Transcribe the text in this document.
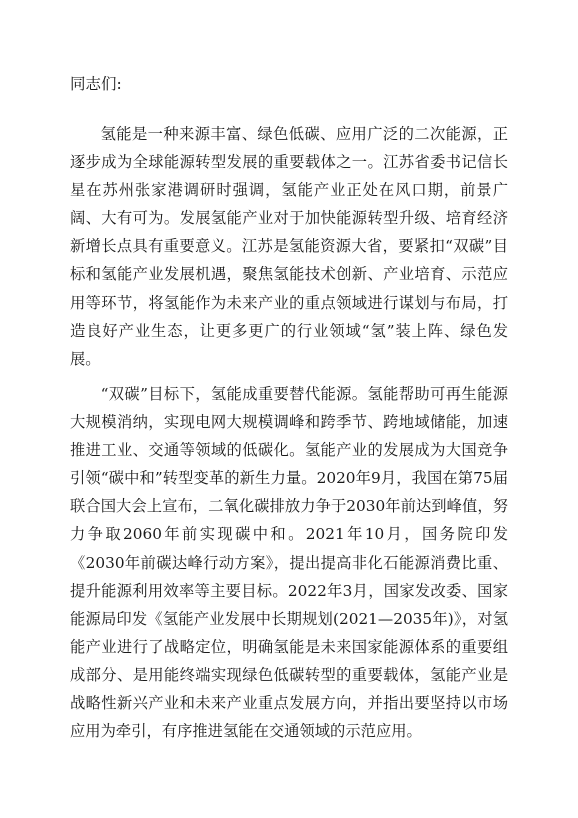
同志们:

氢能是一种来源丰富、绿色低碳、应用广泛的二次能源，正逐步成为全球能源转型发展的重要载体之一。江苏省委书记信长星在苏州张家港调研时强调，氢能产业正处在风口期，前景广阔、大有可为。发展氢能产业对于加快能源转型升级、培育经济新增长点具有重要意义。江苏是氢能资源大省，要紧扣“双碳”目标和氢能产业发展机遇，聚焦氢能技术创新、产业培育、示范应用等环节，将氢能作为未来产业的重点领域进行谋划与布局，打造良好产业生态，让更多更广的行业领域“氢”装上阵、绿色发展。

“双碳”目标下，氢能成重要替代能源。氢能帮助可再生能源大规模消纳，实现电网大规模调峰和跨季节、跨地域储能，加速推进工业、交通等领域的低碳化。氢能产业的发展成为大国竞争引领“碳中和”转型变革的新生力量。2020年9月，我国在第75届联合国大会上宣布，二氧化碳排放力争于2030年前达到峰值，努力争取2060年前实现碳中和。2021年10月，国务院印发《2030年前碳达峰行动方案》，提出提高非化石能源消费比重、提升能源利用效率等主要目标。2022年3月，国家发改委、国家能源局印发《氢能产业发展中长期规划(2021—2035年)》，对氢能产业进行了战略定位，明确氢能是未来国家能源体系的重要组成部分、是用能终端实现绿色低碳转型的重要载体，氢能产业是战略性新兴产业和未来产业重点发展方向，并指出要坚持以市场应用为牵引，有序推进氢能在交通领域的示范应用。
